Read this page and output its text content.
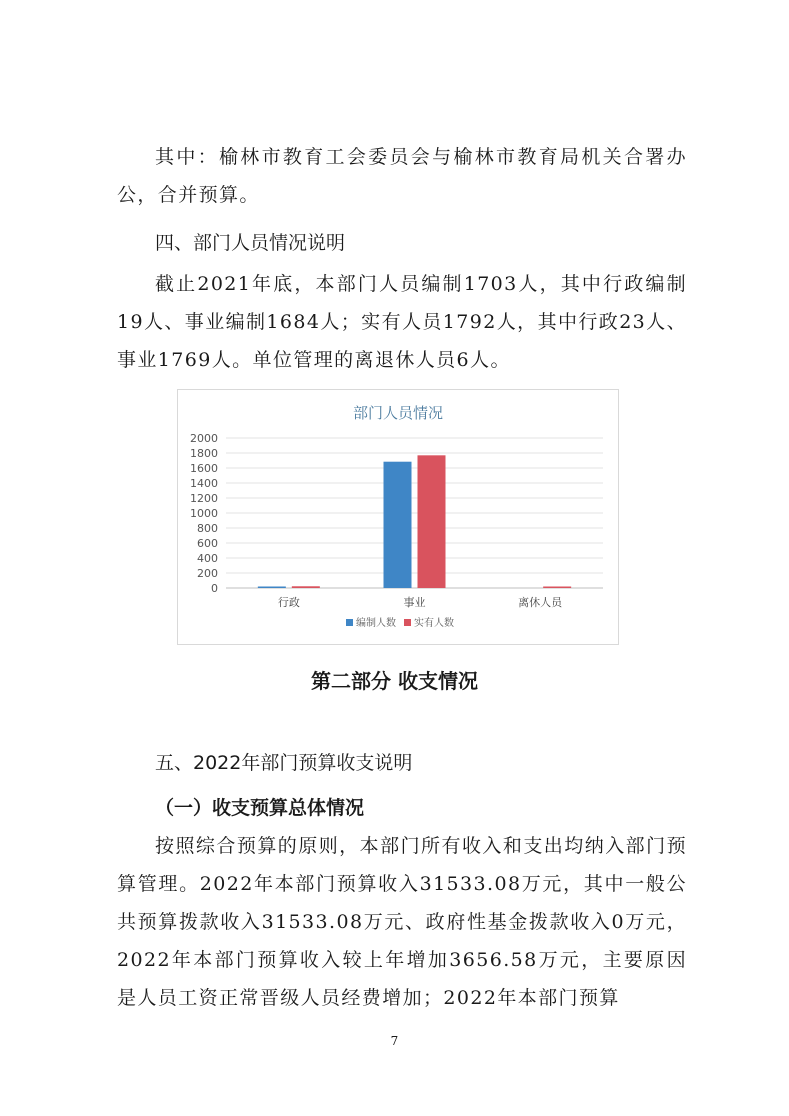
其中：榆林市教育工会委员会与榆林市教育局机关合署办公，合并预算。

四、部门人员情况说明

截止2021年底，本部门人员编制1703人，其中行政编制19人、事业编制1684人；实有人员1792人，其中行政23人、事业1769人。单位管理的离退休人员6人。

部门人员情况
0
200
400
600
800
1000
1200
1400
1600
1800
2000
行政	事业	离休人员
编制人数 实有人数

第二部分 收支情况

五、2022年部门预算收支说明

（一）收支预算总体情况

按照综合预算的原则，本部门所有收入和支出均纳入部门预算管理。2022年本部门预算收入31533.08万元，其中一般公共预算拨款收入31533.08万元、政府性基金拨款收入0万元，2022年本部门预算收入较上年增加3656.58万元，主要原因是人员工资正常晋级人员经费增加；2022年本部门预算

7
